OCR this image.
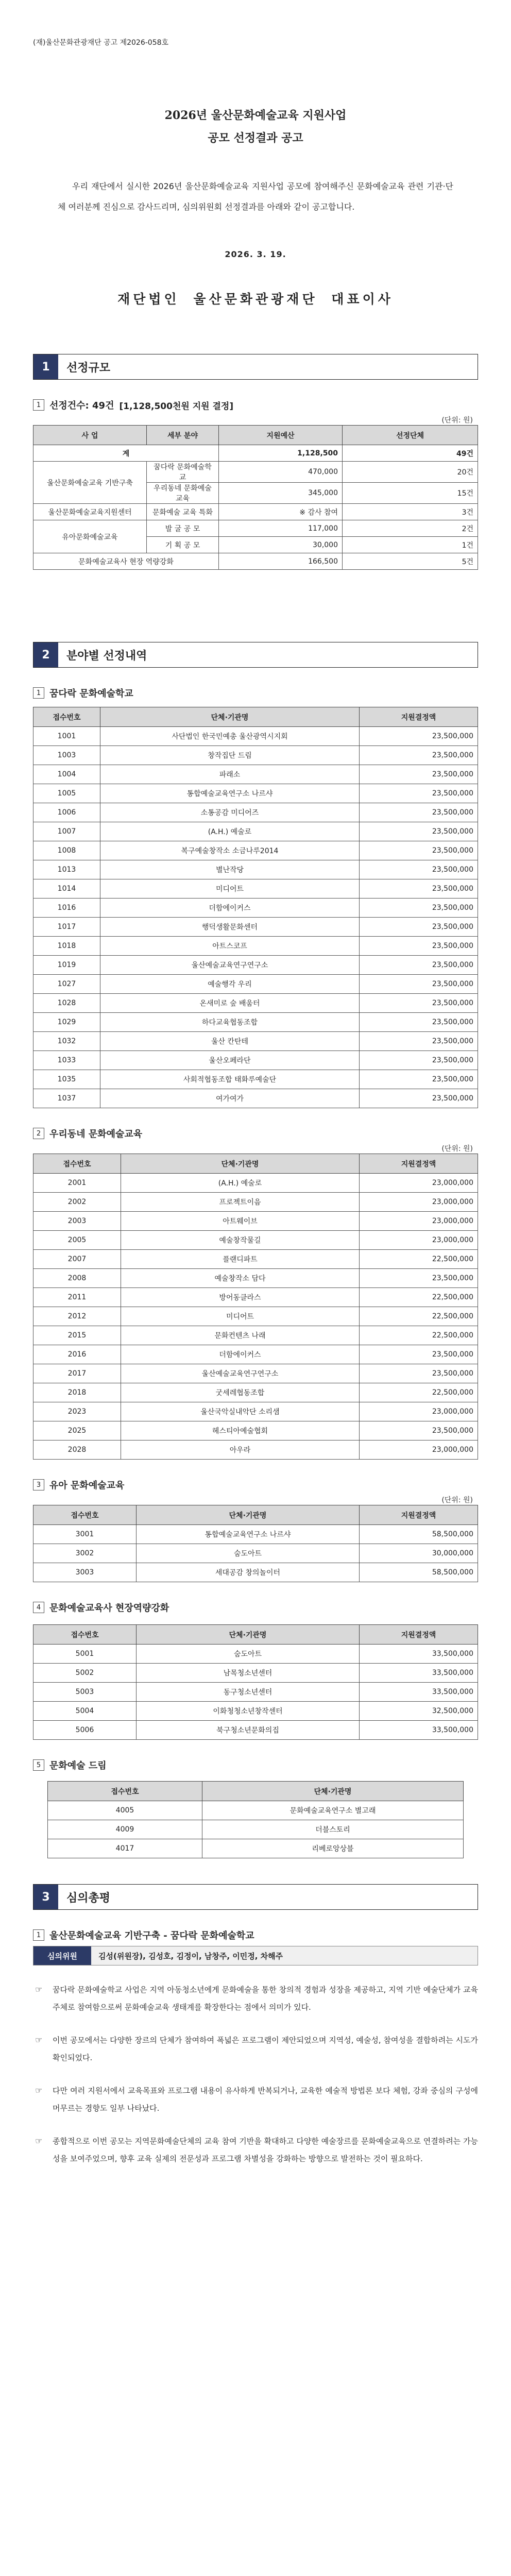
(재)울산문화관광재단 공고 제2026-058호
2026년 울산문화예술교육 지원사업
공모 선정결과 공고

우리 재단에서 실시한 2026년 울산문화예술교육 지원사업 공모에 참여해주신 문화예술교육 관련 기관·단체 여러분께 진심으로 감사드리며, 심의위원회 선정결과를 아래와 같이 공고합니다.

2026. 3. 19.
재단법인 울산문화관광재단 대표이사
1	선정규모
1 선정건수: 49건 [1,128,500천원 지원 결정]
(단위: 원)
사 업	세부 분야	지원예산	선정단체
계		1,128,500	49건
울산문화예술교육 기반구축	꿈다락 문화예술학교	470,000	20건
	우리동네 문화예술교육	345,000	15건
울산문화예술교육지원센터	문화예술 교육 특화	※ 감사 참여	3건
유아문화예술교육	발 굴 공 모	117,000	2건
	기 획 공 모	30,000	1건
문화예술교육사 현장 역량강화		166,500	5건
2	분야별 선정내역
1 꿈다락 문화예술학교
접수번호	단체·기관명	지원결정액
1001	사단법인 한국민예총 울산광역시지회	23,500,000
1003	창작집단 드림	23,500,000
1004	파래소	23,500,000
1005	통합예술교육연구소 나르샤	23,500,000
1006	소통공감 미디어즈	23,500,000
1007	(A.H.) 예술로	23,500,000
1008	복구예술창작소 소금나루2014	23,500,000
1013	별난작당	23,500,000
1014	미디어트	23,500,000
1016	더함에이커스	23,500,000
1017	행덕생활문화센터	23,500,000
1018	아트스코프	23,500,000
1019	울산예술교육연구연구소	23,500,000
1027	예술행각 우리	23,500,000
1028	온새미로 숲 배움터	23,500,000
1029	하다교육협동조합	23,500,000
1032	울산 칸탄테	23,500,000
1033	울산오페라단	23,500,000
1035	사회적협동조합 태화루예술단	23,500,000
1037	여가여가	23,500,000
2 우리동네 문화예술교육
(단위: 원)
접수번호	단체·기관명	지원결정액
2001	(A.H.) 예술로	23,000,000
2002	프로젝트이음	23,000,000
2003	아트웨이브	23,000,000
2005	예술창작물길	23,000,000
2007	플랜디파트	22,500,000
2008	예술창작소 담다	23,500,000
2011	방어동클라스	22,500,000
2012	미디어트	22,500,000
2015	문화컨텐츠 나래	22,500,000
2016	더함에이커스	23,500,000
2017	울산예술교육연구연구소	23,500,000
2018	굿세레협동조합	22,500,000
2023	울산국악실내악단 소리샘	23,000,000
2025	헤스티아예술협회	23,500,000
2028	아우라	23,000,000
3 유아 문화예술교육
(단위: 원)
접수번호	단체·기관명	지원결정액
3001	통합예술교육연구소 나르샤	58,500,000
3002	숨도아트	30,000,000
3003	세대공감 창의놀이터	58,500,000
4 문화예술교육사 현장역량강화
접수번호	단체·기관명	지원결정액
5001	숨도아트	33,500,000
5002	남목청소년센터	33,500,000
5003	동구청소년센터	33,500,000
5004	이화청청소년창작센터	32,500,000
5006	북구청소년문화의집	33,500,000
5 문화예술 드림
접수번호	단체·기관명
4005	문화예술교육연구소 별고래
4009	더블스토리
4017	리베로앙상블
3	심의총평
1 울산문화예술교육 기반구축 - 꿈다락 문화예술학교
심의위원	김성(위원장), 김성호, 김정이, 남창주, 이민정, 차해주
☞	꿈다락 문화예술학교 사업은 지역 아동청소년에게 문화예술을 통한 창의적 경험과 성장을 제공하고, 지역 기반 예술단체가 교육주체로 참여함으로써 문화예술교육 생태계를 확장한다는 점에서 의미가 있다.
☞	이번 공모에서는 다양한 장르의 단체가 참여하여 폭넓은 프로그램이 제안되었으며 지역성, 예술성, 참여성을 결합하려는 시도가 확인되었다.
☞	다만 여러 지원서에서 교육목표와 프로그램 내용이 유사하게 반복되거나, 교육한 예술적 방법론 보다 체험, 강좌 중심의 구성에 머무르는 경향도 일부 나타났다.
☞	종합적으로 이번 공모는 지역문화예술단체의 교육 참여 기반을 확대하고 다양한 예술장르를 문화예술교육으로 연결하려는 가능성을 보여주었으며, 향후 교육 실제의 전문성과 프로그램 차별성을 강화하는 방향으로 발전하는 것이 필요하다.
